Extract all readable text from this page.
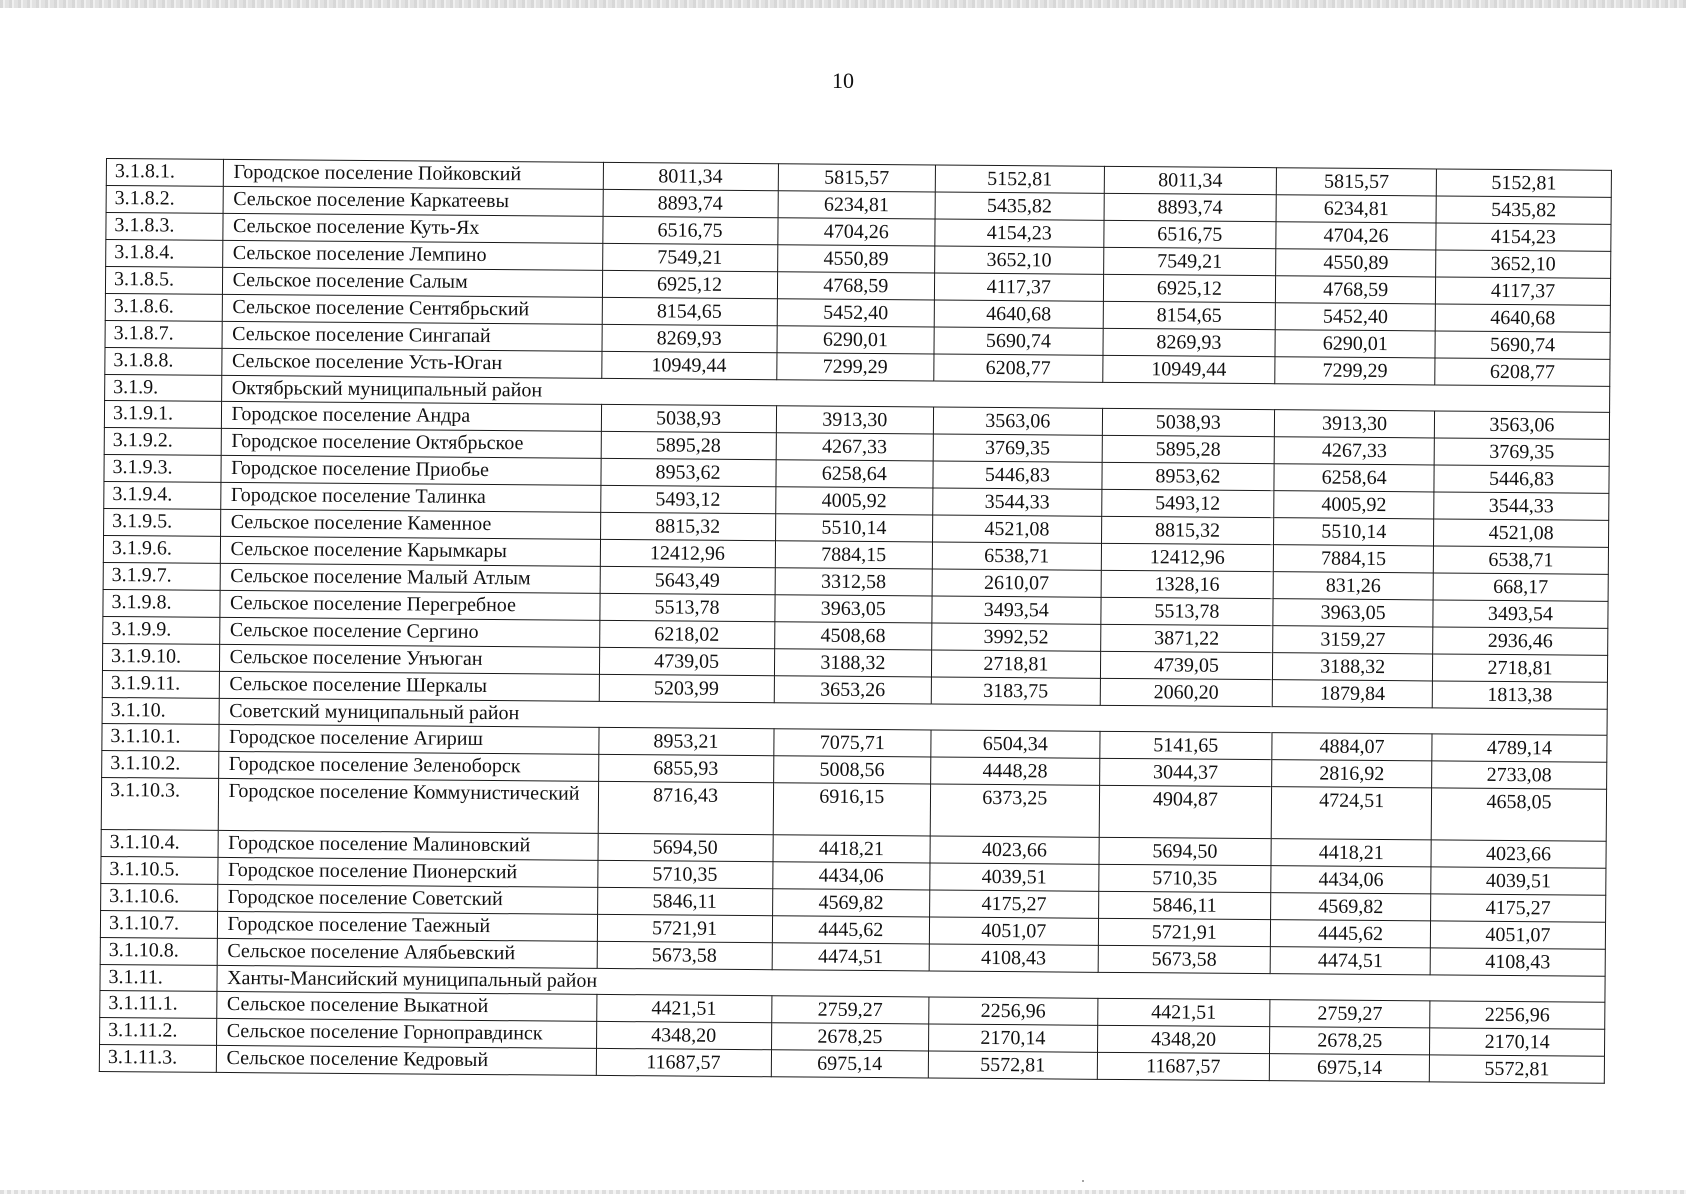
10
3.1.8.1.	Городское поселение Пойковский	8011,34	5815,57	5152,81	8011,34	5815,57	5152,81
3.1.8.2.	Сельское поселение Каркатеевы	8893,74	6234,81	5435,82	8893,74	6234,81	5435,82
3.1.8.3.	Сельское поселение Куть-Ях	6516,75	4704,26	4154,23	6516,75	4704,26	4154,23
3.1.8.4.	Сельское поселение Лемпино	7549,21	4550,89	3652,10	7549,21	4550,89	3652,10
3.1.8.5.	Сельское поселение Салым	6925,12	4768,59	4117,37	6925,12	4768,59	4117,37
3.1.8.6.	Сельское поселение Сентябрьский	8154,65	5452,40	4640,68	8154,65	5452,40	4640,68
3.1.8.7.	Сельское поселение Сингапай	8269,93	6290,01	5690,74	8269,93	6290,01	5690,74
3.1.8.8.	Сельское поселение Усть-Юган	10949,44	7299,29	6208,77	10949,44	7299,29	6208,77
3.1.9.	Октябрьский муниципальный район						
3.1.9.1.	Городское поселение Андра	5038,93	3913,30	3563,06	5038,93	3913,30	3563,06
3.1.9.2.	Городское поселение Октябрьское	5895,28	4267,33	3769,35	5895,28	4267,33	3769,35
3.1.9.3.	Городское поселение Приобье	8953,62	6258,64	5446,83	8953,62	6258,64	5446,83
3.1.9.4.	Городское поселение Талинка	5493,12	4005,92	3544,33	5493,12	4005,92	3544,33
3.1.9.5.	Сельское поселение Каменное	8815,32	5510,14	4521,08	8815,32	5510,14	4521,08
3.1.9.6.	Сельское поселение Карымкары	12412,96	7884,15	6538,71	12412,96	7884,15	6538,71
3.1.9.7.	Сельское поселение Малый Атлым	5643,49	3312,58	2610,07	1328,16	831,26	668,17
3.1.9.8.	Сельское поселение Перегребное	5513,78	3963,05	3493,54	5513,78	3963,05	3493,54
3.1.9.9.	Сельское поселение Сергино	6218,02	4508,68	3992,52	3871,22	3159,27	2936,46
3.1.9.10.	Сельское поселение Унъюган	4739,05	3188,32	2718,81	4739,05	3188,32	2718,81
3.1.9.11.	Сельское поселение Шеркалы	5203,99	3653,26	3183,75	2060,20	1879,84	1813,38
3.1.10.	Советский муниципальный район						
3.1.10.1.	Городское поселение Агириш	8953,21	7075,71	6504,34	5141,65	4884,07	4789,14
3.1.10.2.	Городское поселение Зеленоборск	6855,93	5008,56	4448,28	3044,37	2816,92	2733,08
3.1.10.3.	Городское поселение Коммунистический	8716,43	6916,15	6373,25	4904,87	4724,51	4658,05
3.1.10.4.	Городское поселение Малиновский	5694,50	4418,21	4023,66	5694,50	4418,21	4023,66
3.1.10.5.	Городское поселение Пионерский	5710,35	4434,06	4039,51	5710,35	4434,06	4039,51
3.1.10.6.	Городское поселение Советский	5846,11	4569,82	4175,27	5846,11	4569,82	4175,27
3.1.10.7.	Городское поселение Таежный	5721,91	4445,62	4051,07	5721,91	4445,62	4051,07
3.1.10.8.	Сельское поселение Алябьевский	5673,58	4474,51	4108,43	5673,58	4474,51	4108,43
3.1.11.	Ханты-Мансийский муниципальный район						
3.1.11.1.	Сельское поселение Выкатной	4421,51	2759,27	2256,96	4421,51	2759,27	2256,96
3.1.11.2.	Сельское поселение Горноправдинск	4348,20	2678,25	2170,14	4348,20	2678,25	2170,14
3.1.11.3.	Сельское поселение Кедровый	11687,57	6975,14	5572,81	11687,57	6975,14	5572,81
